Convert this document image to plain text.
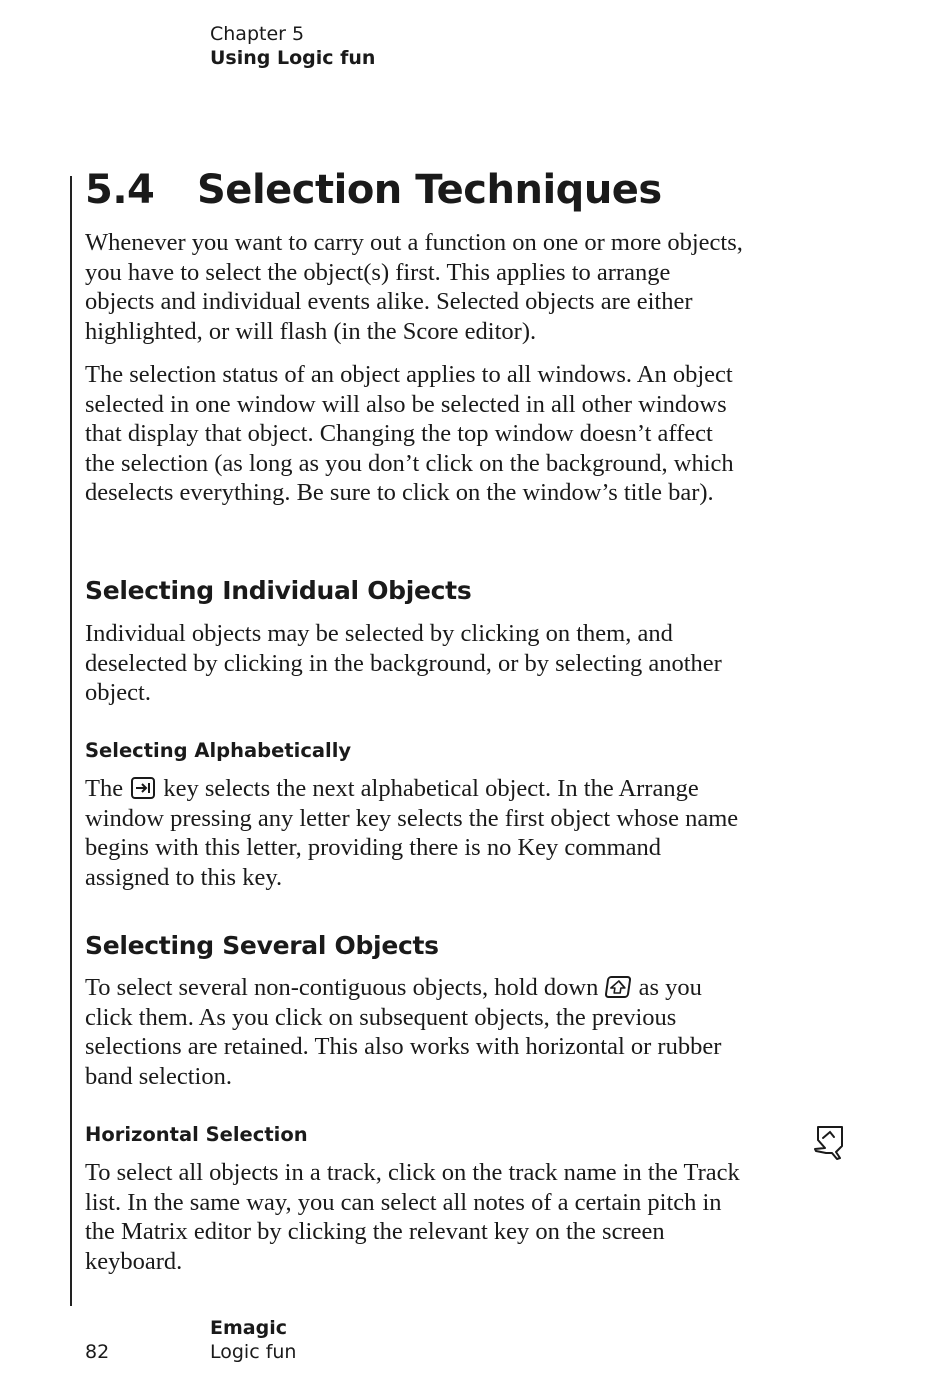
Chapter 5
Using Logic fun
5.4 Selection Techniques

Whenever you want to carry out a function on one or more objects, you have to select the object(s) first. This applies to arrange objects and individual events alike. Selected objects are either highlighted, or will flash (in the Score editor).

The selection status of an object applies to all windows. An object selected in one window will also be selected in all other windows that display that object. Changing the top window doesn’t affect the selection (as long as you don’t click on the background, which deselects everything. Be sure to click on the window’s title bar).

Selecting Individual Objects

Individual objects may be selected by clicking on them, and deselected by clicking in the background, or by selecting another object.

Selecting Alphabetically

The key selects the next alphabetical object. In the Arrange window pressing any letter key selects the first object whose name begins with this letter, providing there is no Key command assigned to this key.

Selecting Several Objects

To select several non-contiguous objects, hold down as you click them. As you click on subsequent objects, the previous selections are retained. This also works with horizontal or rubber band selection.

Horizontal Selection

To select all objects in a track, click on the track name in the Track list. In the same way, you can select all notes of a certain pitch in the Matrix editor by clicking the relevant key on the screen keyboard.

Emagic
Logic fun
82
